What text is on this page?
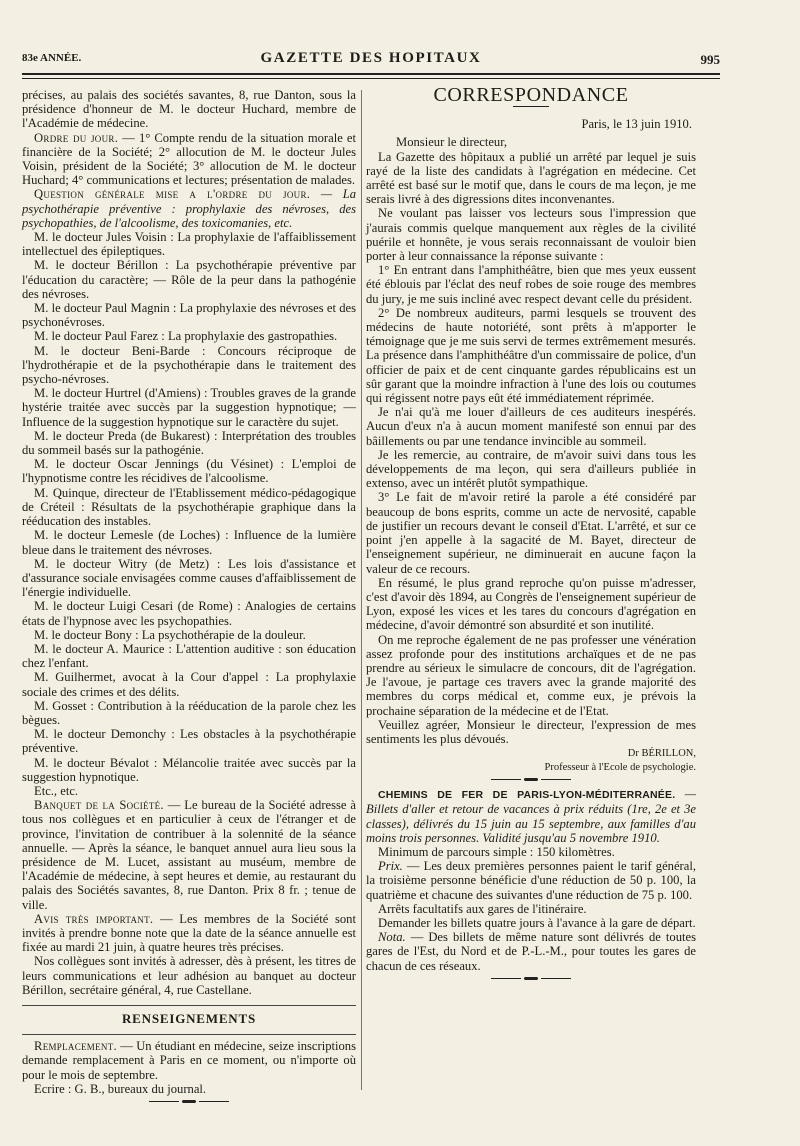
83e ANNÉE.	GAZETTE DES HOPITAUX	995

précises, au palais des sociétés savantes, 8, rue Danton, sous la présidence d'honneur de M. le docteur Huchard, membre de l'Académie de médecine.

Ordre du jour. — 1° Compte rendu de la situation morale et financière de la Société; 2° allocution de M. le docteur Jules Voisin, président de la Société; 3° allocution de M. le docteur Huchard; 4° communications et lectures; présentation de malades.

Question générale mise a l'ordre du jour. — La psychothérapie préventive : prophylaxie des névroses, des psychopathies, de l'alcoolisme, des toxicomanies, etc.

M. le docteur Jules Voisin : La prophylaxie de l'affaiblissement intellectuel des épileptiques.

M. le docteur Bérillon : La psychothérapie préventive par l'éducation du caractère; — Rôle de la peur dans la pathogénie des névroses.

M. le docteur Paul Magnin : La prophylaxie des névroses et des psychonévroses.

M. le docteur Paul Farez : La prophylaxie des gastropathies.

M. le docteur Beni-Barde : Concours réciproque de l'hydrothérapie et de la psychothérapie dans le traitement des psycho-névroses.

M. le docteur Hurtrel (d'Amiens) : Troubles graves de la grande hystérie traitée avec succès par la suggestion hypnotique; — Influence de la suggestion hypnotique sur le caractère du sujet.

M. le docteur Preda (de Bukarest) : Interprétation des troubles du sommeil basés sur la pathogénie.

M. le docteur Oscar Jennings (du Vésinet) : L'emploi de l'hypnotisme contre les récidives de l'alcoolisme.

M. Quinque, directeur de l'Etablissement médico-pédagogique de Créteil : Résultats de la psychothérapie graphique dans la rééducation des instables.

M. le docteur Lemesle (de Loches) : Influence de la lumière bleue dans le traitement des névroses.

M. le docteur Witry (de Metz) : Les lois d'assistance et d'assurance sociale envisagées comme causes d'affaiblissement de l'énergie individuelle.

M. le docteur Luigi Cesari (de Rome) : Analogies de certains états de l'hypnose avec les psychopathies.

M. le docteur Bony : La psychothérapie de la douleur.

M. le docteur A. Maurice : L'attention auditive : son éducation chez l'enfant.

M. Guilhermet, avocat à la Cour d'appel : La prophylaxie sociale des crimes et des délits.

M. Gosset : Contribution à la rééducation de la parole chez les bègues.

M. le docteur Demonchy : Les obstacles à la psychothérapie préventive.

M. le docteur Bévalot : Mélancolie traitée avec succès par la suggestion hypnotique.

Etc., etc.

Banquet de la Société. — Le bureau de la Société adresse à tous nos collègues et en particulier à ceux de l'étranger et de province, l'invitation de contribuer à la solennité de la séance annuelle. — Après la séance, le banquet annuel aura lieu sous la présidence de M. Lucet, assistant au muséum, membre de l'Académie de médecine, à sept heures et demie, au restaurant du palais des Sociétés savantes, 8, rue Danton. Prix 8 fr. ; tenue de ville.

Avis très important. — Les membres de la Société sont invités à prendre bonne note que la date de la séance annuelle est fixée au mardi 21 juin, à quatre heures très précises.

Nos collègues sont invités à adresser, dès à présent, les titres de leurs communications et leur adhésion au banquet au docteur Bérillon, secrétaire général, 4, rue Castellane.

RENSEIGNEMENTS

Remplacement. — Un étudiant en médecine, seize inscriptions demande remplacement à Paris en ce moment, ou n'importe où pour le mois de septembre.

Ecrire : G. B., bureaux du journal.

CORRESPONDANCE
Paris, le 13 juin 1910.

Monsieur le directeur,

La Gazette des hôpitaux a publié un arrêté par lequel je suis rayé de la liste des candidats à l'agrégation en médecine. Cet arrêté est basé sur le motif que, dans le cours de ma leçon, je me serais livré à des digressions dites inconvenantes.

Ne voulant pas laisser vos lecteurs sous l'impression que j'aurais commis quelque manquement aux règles de la civilité puérile et honnête, je vous serais reconnaissant de vouloir bien porter à leur connaissance la réponse suivante :

1° En entrant dans l'amphithéâtre, bien que mes yeux eussent été éblouis par l'éclat des neuf robes de soie rouge des membres du jury, je me suis incliné avec respect devant celle du président.

2° De nombreux auditeurs, parmi lesquels se trouvent des médecins de haute notoriété, sont prêts à m'apporter le témoignage que je me suis servi de termes extrêmement mesurés. La présence dans l'amphithéâtre d'un commissaire de police, d'un officier de paix et de cent cinquante gardes républicains est un sûr garant que la moindre infraction à l'une des lois ou coutumes qui régissent notre pays eût été immédiatement réprimée.

Je n'ai qu'à me louer d'ailleurs de ces auditeurs inespérés. Aucun d'eux n'a à aucun moment manifesté son ennui par des bâillements ou par une tendance invincible au sommeil.

Je les remercie, au contraire, de m'avoir suivi dans tous les développements de ma leçon, qui sera d'ailleurs publiée in extenso, avec un intérêt plutôt sympathique.

3° Le fait de m'avoir retiré la parole a été considéré par beaucoup de bons esprits, comme un acte de nervosité, capable de justifier un recours devant le conseil d'Etat. L'arrêté, et sur ce point j'en appelle à la sagacité de M. Bayet, directeur de l'enseignement supérieur, ne diminuerait en aucune façon la valeur de ce recours.

En résumé, le plus grand reproche qu'on puisse m'adresser, c'est d'avoir dès 1894, au Congrès de l'enseignement supérieur de Lyon, exposé les vices et les tares du concours d'agrégation en médecine, d'avoir démontré son absurdité et son inutilité.

On me reproche également de ne pas professer une vénération assez profonde pour des institutions archaïques et de ne pas prendre au sérieux le simulacre de concours, dit de l'agrégation. Je l'avoue, je partage ces travers avec la grande majorité des membres du corps médical et, comme eux, je prévois la prochaine séparation de la médecine et de l'Etat.

Veuillez agréer, Monsieur le directeur, l'expression de mes sentiments les plus dévoués.

Dr BÉRILLON,
Professeur à l'Ecole de psychologie.

CHEMINS DE FER DE PARIS-LYON-MÉDITERRANÉE. — Billets d'aller et retour de vacances à prix réduits (1re, 2e et 3e classes), délivrés du 15 juin au 15 septembre, aux familles d'au moins trois personnes. Validité jusqu'au 5 novembre 1910.

Minimum de parcours simple : 150 kilomètres.

Prix. — Les deux premières personnes paient le tarif général, la troisième personne bénéficie d'une réduction de 50 p. 100, la quatrième et chacune des suivantes d'une réduction de 75 p. 100.

Arrêts facultatifs aux gares de l'itinéraire.

Demander les billets quatre jours à l'avance à la gare de départ.

Nota. — Des billets de même nature sont délivrés de toutes gares de l'Est, du Nord et de P.-L.-M., pour toutes les gares de chacun de ces réseaux.
